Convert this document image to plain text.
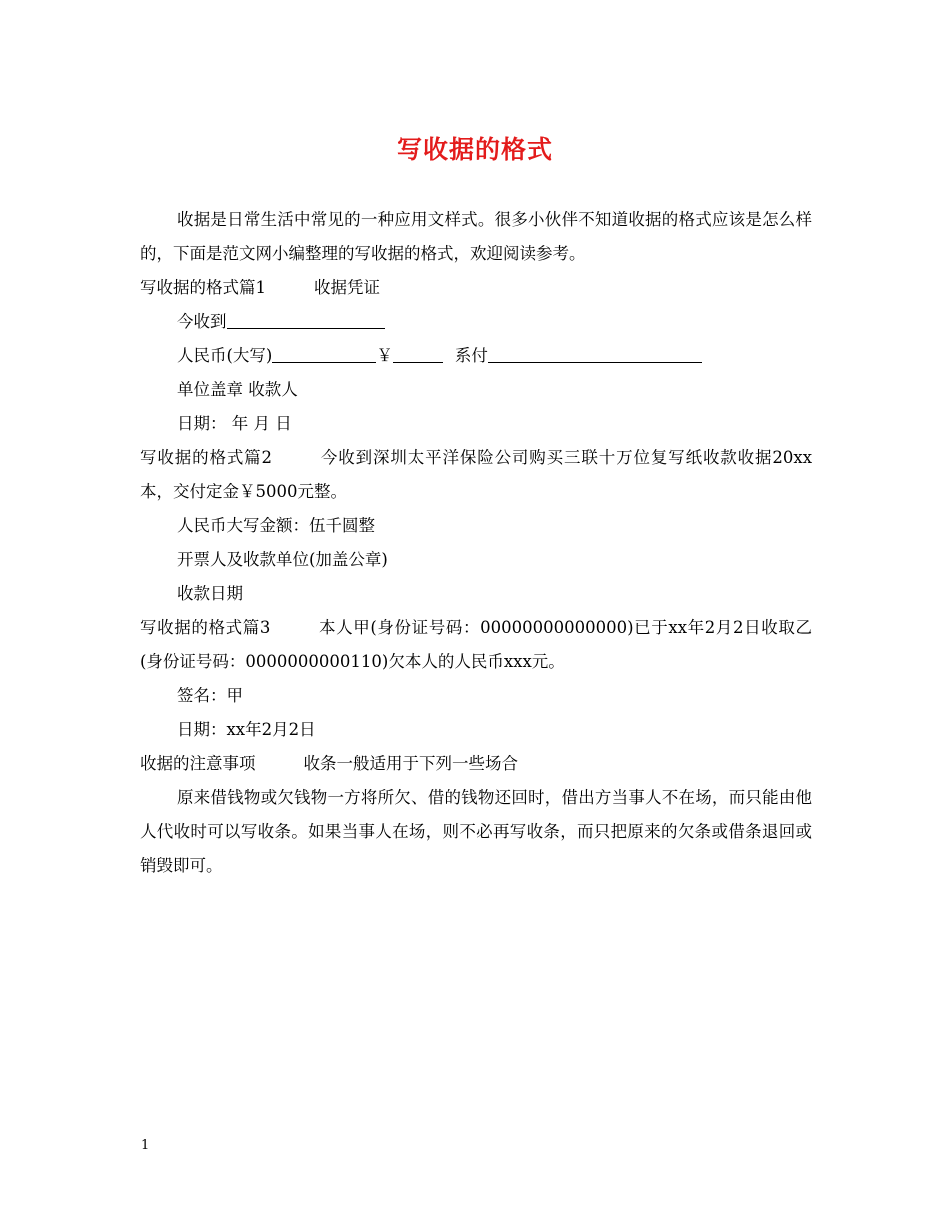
写收据的格式

收据是日常生活中常见的一种应用文样式。很多小伙伴不知道收据的格式应该是怎么样的，下面是范文网小编整理的写收据的格式，欢迎阅读参考。

写收据的格式篇1	收据凭证

今收到

人民币(大写)	￥	系付

单位盖章 收款人

日期： 年 月 日

写收据的格式篇2	今收到深圳太平洋保险公司购买三联十万位复写纸收款收据20xx本，交付定金￥5000元整。

人民币大写金额：伍千圆整

开票人及收款单位(加盖公章)

收款日期

写收据的格式篇3	本人甲(身份证号码：00000000000000)已于xx年2月2日收取乙(身份证号码：0000000000110)欠本人的人民币xxx元。

签名：甲

日期：xx年2月2日

收据的注意事项	收条一般适用于下列一些场合

原来借钱物或欠钱物一方将所欠、借的钱物还回时，借出方当事人不在场，而只能由他人代收时可以写收条。如果当事人在场，则不必再写收条，而只把原来的欠条或借条退回或销毁即可。

1
